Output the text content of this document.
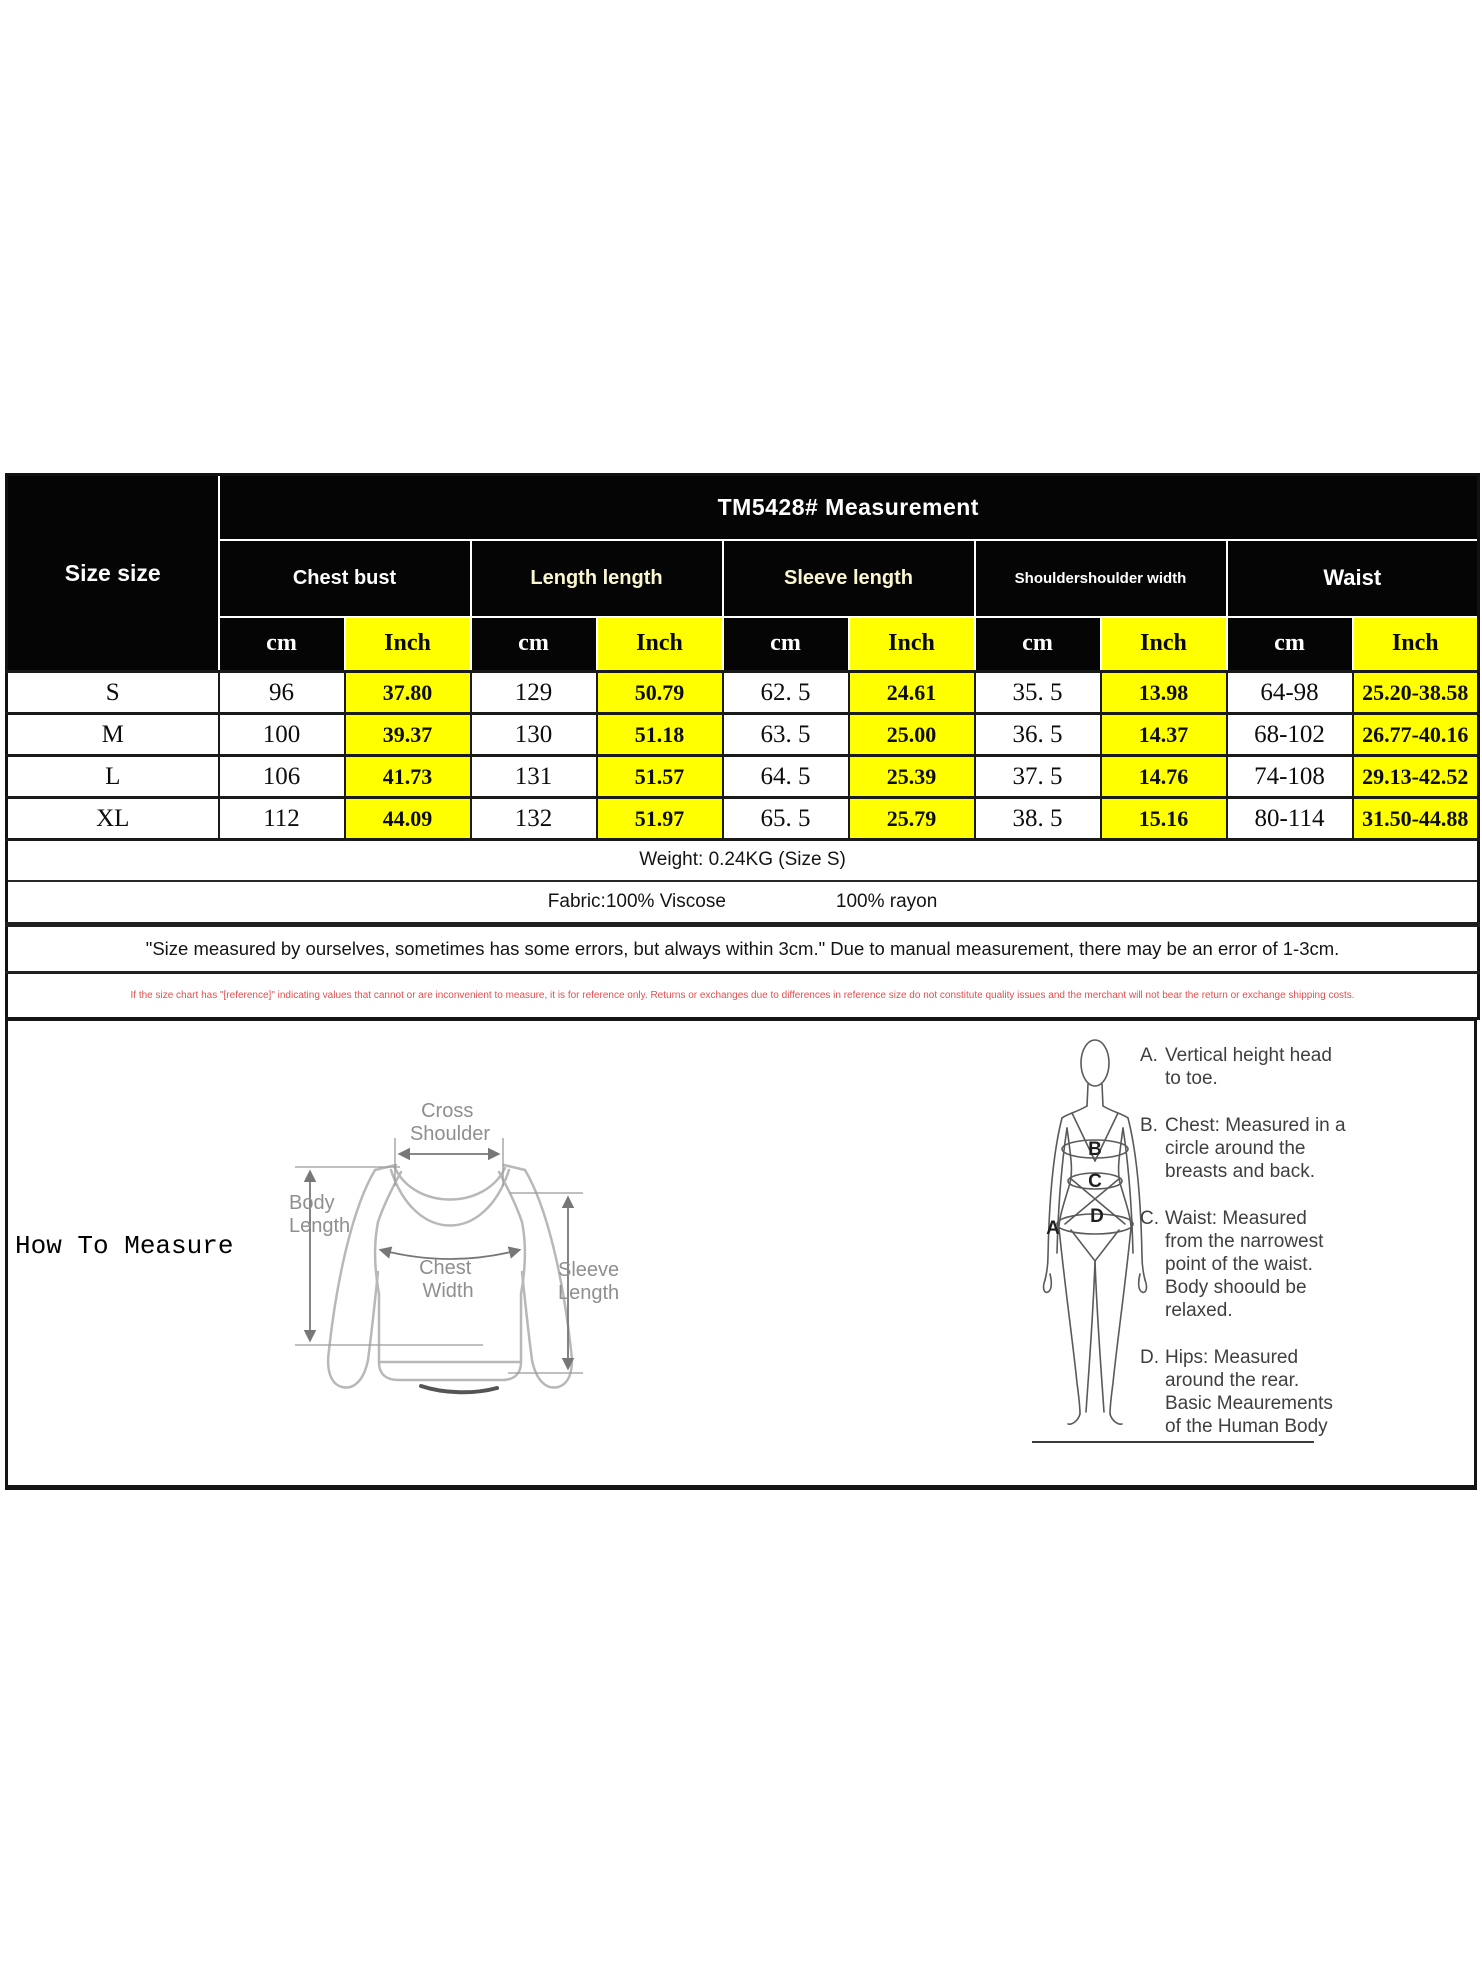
Size size	TM5428# Measurement									
	Chest bust		Length length		Sleeve length		Shouldershoulder width		Waist	
	cm	Inch	cm	Inch	cm	Inch	cm	Inch	cm	Inch
S	96	37.80	129	50.79	62. 5	24.61	35. 5	13.98	64-98	25.20-38.58
M	100	39.37	130	51.18	63. 5	25.00	36. 5	14.37	68-102	26.77-40.16
L	106	41.73	131	51.57	64. 5	25.39	37. 5	14.76	74-108	29.13-42.52
XL	112	44.09	132	51.97	65. 5	25.79	38. 5	15.16	80-114	31.50-44.88
Weight: 0.24KG (Size S)										
Fabric:100% Viscose 100% rayon										
"Size measured by ourselves, sometimes has some errors, but always within 3cm." Due to manual measurement, there may be an error of 1-3cm.										
If the size chart has "[reference]" indicating values that cannot or are inconvenient to measure, it is for reference only. Returns or exchanges due to differences in reference size do not constitute quality issues and the merchant will not bear the return or exchange shipping costs.										
How To Measure
Cross Shoulder
Body Length
Chest Width
Sleeve Length
B
C
D
A
A. Vertical height head
to toe.
B. Chest: Measured in a
circle around the
breasts and back.
C. Waist: Measured
from the narrowest
point of the waist.
Body shoould be
relaxed.
D. Hips: Measured
around the rear.
Basic Meaurements
of the Human Body
